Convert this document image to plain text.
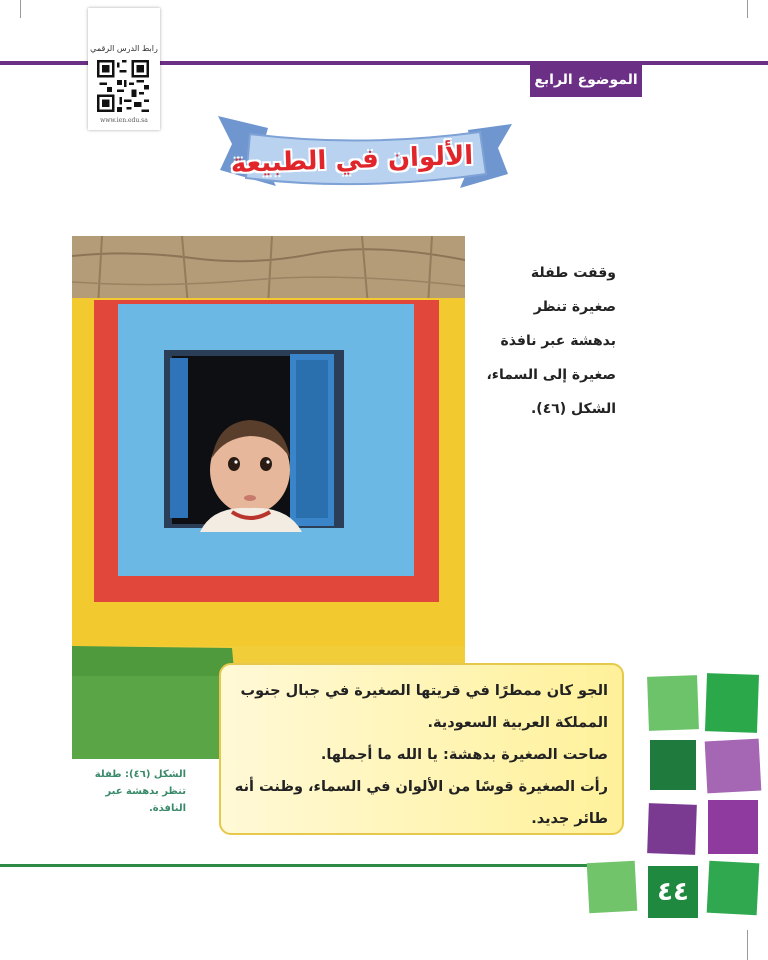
رابط الدرس الرقمي
www.ien.edu.sa
الموضوع الرابع
الألوان في الطبيعة
وقفت طفلة
صغيرة تنظر
بدهشة عبر نافذة
صغيرة إلى السماء،
الشكل (٤٦).
الشكل (٤٦): طفلة
تنظر بدهشة عبر
النافذة.
الجو كان ممطرًا في قريتها الصغيرة في جبال جنوب
المملكة العربية السعودية.
صاحت الصغيرة بدهشة: يا الله ما أجملها.
رأت الصغيرة قوسًا من الألوان في السماء، وظنت أنه
طائر جديد.
٤٤
